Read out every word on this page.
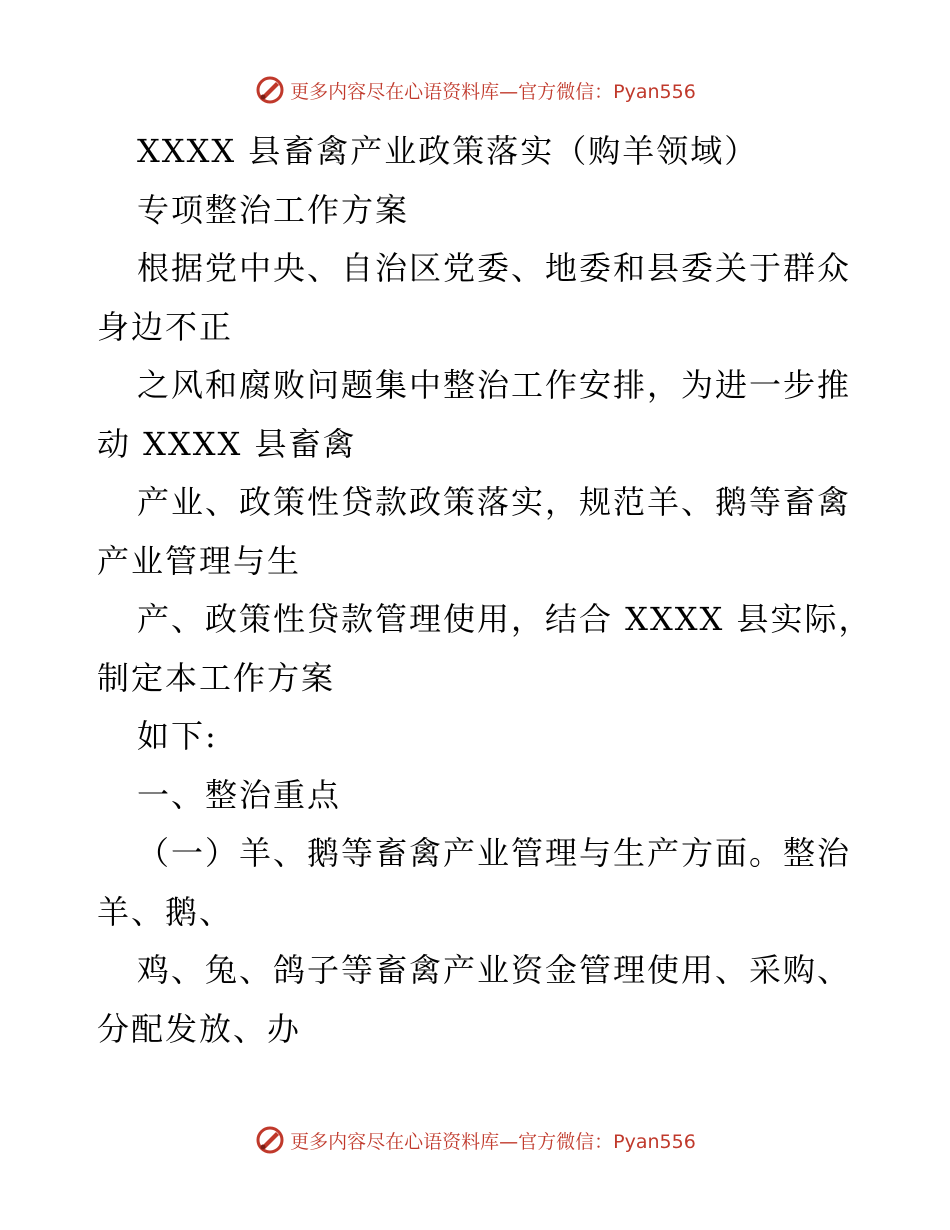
更多内容尽在心语资料库—官方微信：Pyan556
XXXX 县畜禽产业政策落实（购羊领域）
专项整治工作方案
根据党中央、自治区党委、地委和县委关于群众
身边不正
之风和腐败问题集中整治工作安排，为进一步推
动 XXXX 县畜禽
产业、政策性贷款政策落实，规范羊、鹅等畜禽
产业管理与生
产、政策性贷款管理使用，结合 XXXX 县实际，
制定本工作方案
如下:
一、整治重点
（一）羊、鹅等畜禽产业管理与生产方面。整治
羊、鹅、
鸡、兔、鸽子等畜禽产业资金管理使用、采购、
分配发放、办
更多内容尽在心语资料库—官方微信：Pyan556
